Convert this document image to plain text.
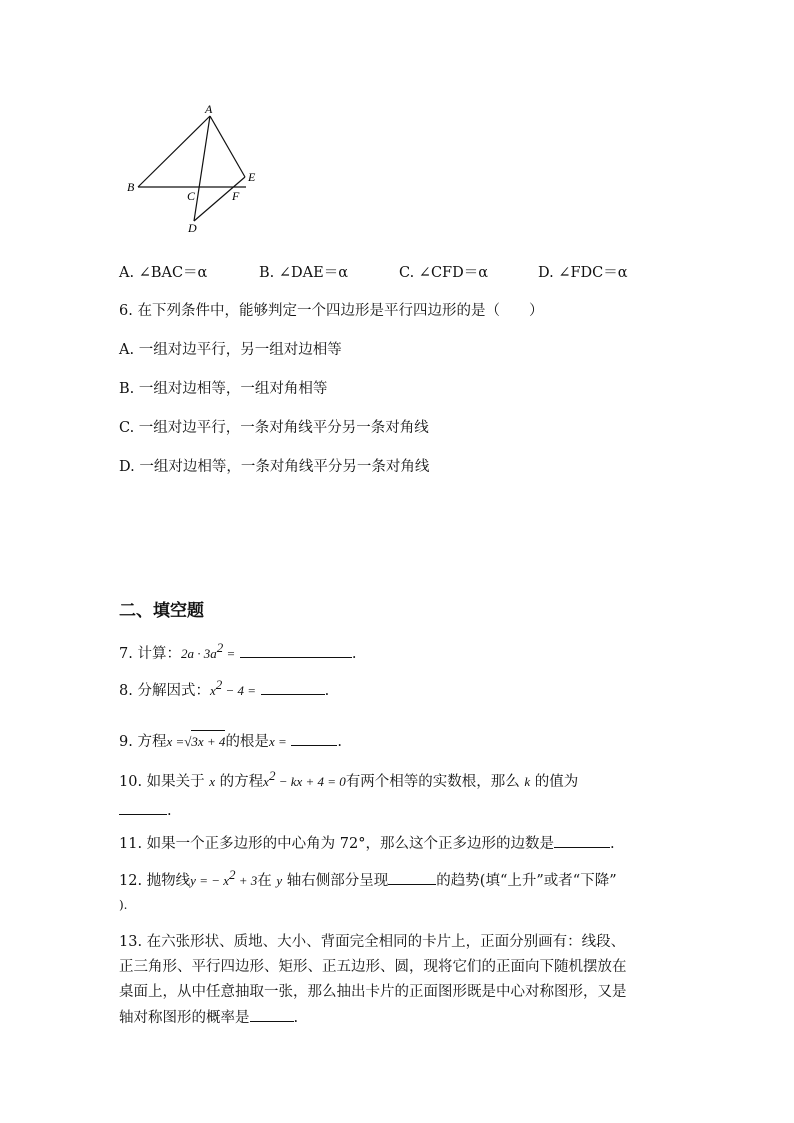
A
B
C
D
E
F
A. ∠BAC＝α	B. ∠DAE＝α	C. ∠CFD＝α	D. ∠FDC＝α
6. 在下列条件中，能够判定一个四边形是平行四边形的是（　　）
A. 一组对边平行，另一组对边相等
B. 一组对边相等，一组对角相等
C. 一组对边平行，一条对角线平分另一条对角线
D. 一组对边相等，一条对角线平分另一条对角线
二、填空题
7. 计算：$2a \cdot 3a^2$ =	.
8. 分解因式：$x^2 - 4$ =	.
9. 方程x =√3x + 4的根是x =	.
10. 如果关于 x 的方程$x^2$ − kx + 4 = 0有两个相等的实数根，那么 k 的值为
.
11. 如果一个正多边形的中心角为 72°，那么这个正多边形的边数是	.
12. 抛物线y = − $x^2 + 3$在 y 轴右侧部分呈现	的趋势(填“上升”或者“下降”
).
13. 在六张形状、质地、大小、背面完全相同的卡片上，正面分别画有：线段、
正三角形、平行四边形、矩形、正五边形、圆，现将它们的正面向下随机摆放在
桌面上，从中任意抽取一张，那么抽出卡片的正面图形既是中心对称图形，又是
轴对称图形的概率是	.
